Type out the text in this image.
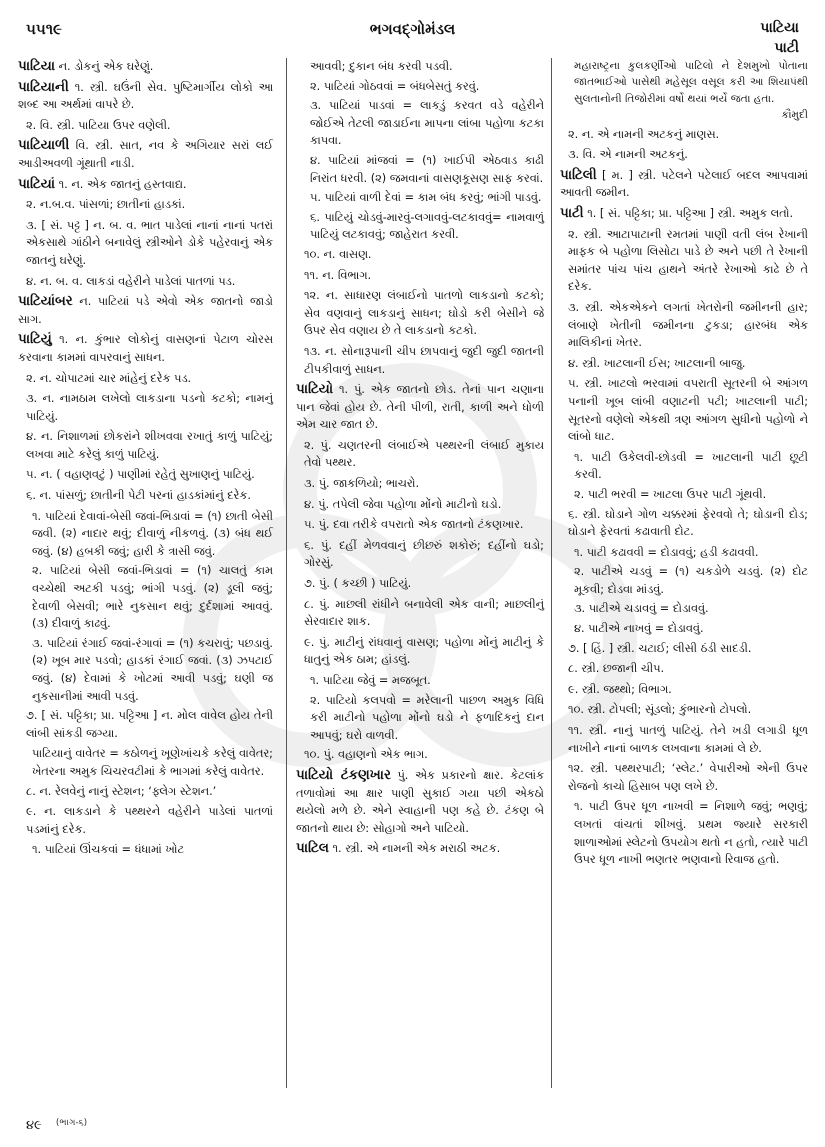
૫૫૧૯	ભગવદ્ગોમંડલ	પાટિયા
પાટી
પાટિયા ન. ડોકનું એક ઘરેણું.
પાટિયાની ૧. સ્ત્રી. ઘઉંની સેવ. પુષ્ટિમાર્ગીય લોકો આ શબ્દ આ અર્થમાં વાપરે છે.
૨. વિ. સ્ત્રી. પાટિયા ઉપર વણેલી.
પાટિયાળી વિ. સ્ત્રી. સાત, નવ કે અગિયાર સરાં લઈ આડીઅવળી ગૂંથાતી નાડી.
પાટિયાં ૧. ન. એક જાતનું હસ્તવાદ્ય.
૨. ન.બ.વ. પાંસળાં; છાતીનાં હાડકાં.
૩. [ સં. પટ્ટ ] ન. બ. વ. ભાત પાડેલાં નાનાં નાનાં પતરાં એકસાથે ગાંઠીને બનાવેલું સ્ત્રીઓને ડોકે પહેરવાનું એક જાતનું ઘરેણું.
૪. ન. બ. વ. લાકડાં વહેરીને પાડેલાં પાતળાં પડ.
પાટિયાંબર ન. પાટિયાં પડે એવો એક જાતનો જાડો સાગ.
પાટિયું ૧. ન. કુંભાર લોકોનું વાસણનાં પેટાળ ચોરસ કરવાના કામમાં વાપરવાનું સાધન.
૨. ન. ચોપાટમાં ચાર માંહેનું દરેક પડ.
૩. ન. નામઠામ લખેલો લાકડાના પડનો કટકો; નામનું પાટિયું.
૪. ન. નિશાળમાં છોકરાંને શીખવવા રખાતું કાળું પાટિયું; લખવા માટે કરેલું કાળું પાટિયું.
૫. ન. ( વહાણવટું ) પાણીમાં રહેતું સુખાણનું પાટિયું.
૬. ન. પાંસળું; છાતીની પેટી પરનાં હાડકાંમાંનું દરેક.
૧. પાટિયાં દેવાવાં-બેસી જવાં-ભિડાવાં = (૧) છાતી બેસી જવી. (૨) નાદાર થવું; દીવાળું નીકળવું. (૩) બંધ થઈ જવું. (૪) હબકી જવું; હારી કે ત્રાસી જવું.
૨. પાટિયાં બેસી જવાં-ભિડાવાં = (૧) ચાલતું કામ વચ્ચેથી અટકી પડવું; ભાંગી પડવું. (૨) ડૂલી જવું; દેવાળી બેસવી; ભારે નુકસાન થવું; દુર્દશામાં આવવું. (૩) દીવાળું કાઢવું.
૩. પાટિયાં રંગાઈ જવાં-રંગાવાં = (૧) કચરાવું; પછડાવું. (૨) ખૂબ માર પડવો; હાડકાં રંગાઈ જવાં. (૩) ઝપટાઈ જવું. (૪) દેવામાં કે ખોટમાં આવી પડવું; ઘણી જ નુકસાનીમાં આવી પડવું.
૭. [ સં. પટ્ટિકા; પ્રા. પટ્ટિઆ ] ન. મોલ વાવેલ હોય તેની લાંબી સાંકડી જગ્યા.
પાટિયાનું વાવેતર = કઠોળનું ખૂણેખાંચકે કરેલું વાવેતર; ખેતરના અમુક ચિચરવટીમાં કે ભાગમાં કરેલું વાવેતર.
૮. ન. રેલવેનું નાનું સ્ટેશન; ‘ફ્લેગ સ્ટેશન.’
૯. ન. લાકડાને કે પથ્થરને વહેરીને પાડેલાં પાતળાં પડમાંનું દરેક.
૧. પાટિયાં ઊંચકવાં = ધંધામાં ખોટ
આવવી; દુકાન બંધ કરવી પડવી.
૨. પાટિયાં ગોઠવવાં = બંધબેસતું કરવું.
૩. પાટિયાં પાડવાં = લાકડું કરવત વડે વહેરીને જોઈએ તેટલી જાડાઈના માપના લાંબા પહોળા કટકા કાપવા.
૪. પાટિયાં માંજવાં = (૧) ખાઈપી એઠવાડ કાઢી નિરાંત ધરવી. (૨) જમવાનાં વાસણકૂસણ સાફ કરવાં.
૫. પાટિયાં વાળી દેવાં = કામ બંધ કરવું; ભાંગી પાડવું.
૬. પાટિયું ચોડવું-મારવું-લગાવવું-લટકાવવું= નામવાળું પાટિયું લટકાવવું; જાહેરાત કરવી.
૧૦. ન. વાસણ.
૧૧. ન. વિભાગ.
૧૨. ન. સાધારણ લંબાઈનો પાતળો લાકડાનો કટકો; સેવ વણવાનું લાકડાનું સાધન; ઘોડો કરી બેસીને જે ઉપર સેવ વણાય છે તે લાકડાનો કટકો.
૧૩. ન. સોનારૂપાની ચીપ છાપવાનું જુદી જુદી જાતની ટીપકીવાળું સાધન.
પાટિયો ૧. પું. એક જાતનો છોડ. તેનાં પાન ચણાના પાન જેવાં હોય છે. તેની પીળી, રાતી, કાળી અને ધોળી એમ ચાર જાત છે.
૨. પું. ચણતરની લંબાઈએ પથ્થરની લંબાઈ મુકાય તેવો પથ્થર.
૩. પું. જાકળિયો; ભાચરો.
૪. પું. તપેલી જેવા પહોળા મોંનો માટીનો ઘડો.
૫. પું. દવા તરીકે વપરાતો એક જાતનો ટંકણખાર.
૬. પું. દહીં મેળવવાનું છીછરું શકોરું; દહીંનો ઘડો; ગોરસું.
૭. પું. ( કચ્છી ) પાટિયું.
૮. પું. માછલી રાંધીને બનાવેલી એક વાની; માછલીનું સેરવાદાર શાક.
૯. પું. માટીનું રાંધવાનું વાસણ; પહોળા મોંનું માટીનું કે ધાતુનું એક ઠામ; હાંડલું.
૧. પાટિયા જેવું = મજબૂત.
૨. પાટિયો કલપવો = મરેલાની પાછળ અમુક વિધિ કરી માટીનો પહોળા મોંનો ઘડો ને ફળાદિકનું દાન આપવું; ઘરો વાળવી.
૧૦. પું. વહાણનો એક ભાગ.
પાટિયો ટંકણખાર પું. એક પ્રકારનો ક્ષાર. કેટલાંક તળાવોમાં આ ક્ષાર પાણી સુકાઈ ગયા પછી એકઠો થયેલો મળે છે. એને સ્વાહાની પણ કહે છે. ટંકણ બે જાતનો થાય છે: સોહાગો અને પાટિયો.
પાટિલ ૧. સ્ત્રી. એ નામની એક મરાઠી અટક.
મહારાષ્ટ્રના કુલકર્ણીઓ પાટિલો ને દેશમુખો પોતાના જાતભાઈઓ પાસેથી મહેસૂલ વસૂલ કરી આ શિયાપંથી સુલતાનોની તિજોરીમાં વર્ષો થયાં ભર્યે જતા હતા.
કૌમુદી
૨. ન. એ નામની અટકનું માણસ.
૩. વિ. એ નામની અટકનું.
પાટિલી [ મ. ] સ્ત્રી. પટેલને પટેલાઈ બદલ આપવામાં આવતી જમીન.
પાટી ૧. [ સં. પટ્ટિકા; પ્રા. પટ્ટિઆ ] સ્ત્રી. અમુક લતો.
૨. સ્ત્રી. આટાપાટાની રમતમાં પાણી વતી લંબ રેખાની માફક બે પહોળા લિસોટા પાડે છે અને પછી તે રેખાની સમાંતર પાંચ પાંચ હાથને અંતરે રેખાઓ કાઢે છે તે દરેક.
૩. સ્ત્રી. એકએકને લગતાં ખેતરોની જમીનની હાર; લંબાણે ખેતીની જમીનના ટુકડા; હારબંધ એક માલિકીનાં ખેતર.
૪. સ્ત્રી. ખાટલાની ઈસ; ખાટલાની બાજુ.
૫. સ્ત્રી. ખાટલો ભરવામાં વપરાતી સૂતરની બે આંગળ પનાની ખૂબ લાંબી વણાટની પટી; ખાટલાની પાટી; સૂતરનો વણેલો એકથી ત્રણ આંગળ સુધીનો પહોળો ને લાંબો ધાટ.
૧. પાટી ઉકેલવી-છોડવી = ખાટલાની પાટી છૂટી કરવી.
૨. પાટી ભરવી = ખાટલા ઉપર પાટી ગૂંથવી.
૬. સ્ત્રી. ઘોડાને ગોળ ચક્કરમાં ફેરવવો તે; ઘોડાની દોડ; ઘોડાને ફેરવતાં કઢાવાતી દોટ.
૧. પાટી કઢાવવી = દોડાવવું; હડી કઢાવવી.
૨. પાટીએ ચડવું = (૧) ચકડોળે ચડવું. (૨) દોટ મૂકવી; દોડવા માંડવું.
૩. પાટીએ ચડાવવું = દોડાવવું.
૪. પાટીએ નાખવું = દોડાવવું.
૭. [ હિં. ] સ્ત્રી. ચટાઈ; લીસી ઠંડી સાદડી.
૮. સ્ત્રી. છજાની ચીપ.
૯. સ્ત્રી. જથ્થો; વિભાગ.
૧૦. સ્ત્રી. ટોપલી; સૂંડલો; કુંભારનો ટોપલો.
૧૧. સ્ત્રી. નાનું પાતળું પાટિયું. તેને ખડી લગાડી ધૂળ નાખીને નાનાં બાળક લખવાના કામમાં લે છે.
૧૨. સ્ત્રી. પથ્થરપાટી; ‘સ્લેટ.’ વેપારીઓ એની ઉપર રોજનો કાચો હિસાબ પણ લખે છે.
૧. પાટી ઉપર ધૂળ નાખવી = નિશાળે જવું; ભણવું; લખતાં વાંચતાં શીખવું. પ્રથમ જ્યારે સરકારી શાળાઓમાં સ્લેટનો ઉપયોગ થતો ન હતો, ત્યારે પાટી ઉપર ધૂળ નાખી ભણતર ભણવાનો રિવાજ હતો.
૪૯ $^{(ભાગ-૬)}$
